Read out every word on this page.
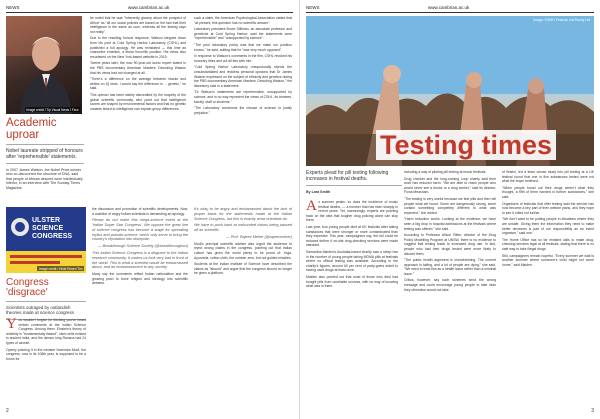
NEWS	www.cambrian.ac.uk
Image credit / Tip Visual News / Flow
Academic uproar

Nobel laureate stripped of honours after 'reprehensible' statements.

In 2007 James Watson, the Nobel Prize-winner who co-discovered the structure of DNA, said that people of African descent were intellectually inferior, in an interview with The Sunday Times Magazine.

he noted that he was "inherently gloomy about the prospect of Africa" as "all our social policies are based on the fact that their intelligence is the same as ours, whereas all the testing says not really".

Due to the resulting furious response, Watson stepped down from his post at Cold Spring Harbor Laboratory (CSHL) and published a full apology. He was reinstated — this time as chancellor emeritus, a titular honorific position. His views also resurfaced on the New York-based website in 2019.

Twelve years later, the now 90-year-old iconic expert stated in the PBS documentary American Masters: Decoding Watson that his views had not changed at all.

"There's a difference on the average between blacks and whites on IQ tests. I would say the difference is ... genetic," he said.

This opinion has been widely discredited by the majority of the global scientific community, who point out that intelligence scores are shaped by environmental factors and that no genetic variants linked to intelligence can explain group differences.

such a claim, the American Psychological Association stated that "at present, this question has no scientific answer".

Laboratory president Bruce Stillman, an associate professor and geneticist at Cold Spring Harbor, said the statements were "reprehensible" and "unsupported by science".

"The prior laboratory policy was that we make our position known," he said, adding that he "was very much opposed".

In response to Watson's comments in the film, CSHL revoked his honorary titles and cut all ties with him.

"Cold Spring Harbor Laboratory unequivocally rejects the unsubstantiated and reckless personal opinions that Dr James Watson expressed on the subject of ethnicity and genetics during the PBS documentary American Masters: Decoding Watson," the laboratory said in a statement.

"Dr Watson's statements are reprehensible, unsupported by science, and in no way represent the views of CSHL, its trustees, faculty, staff or students."

"The Laboratory condemns the misuse of science to justify prejudice."

ULSTER SCIENCE CONGRESS
Image credit / Hilde Rosen Tim
Congress 'disgrace'

Scientists outraged by outlandish theories made at science congress

You wouldn't forgive for thinking you've heard certain comments at the Indian Science Congress. Among them: Einstein's theory of relativity is "fundamentally flawed", stem cells existed in ancient India, and the demon king Ravana had 24 types of aircraft.

Openly pointing it in the minister Narendra Modi, the congress, now in its 106th year, is supposed to be a forum for

the discussion and promotion of scientific developments. Now, a coalition of angry Indian scientists is demanding an apology.

Please do not make this mega-science event at the 'Indian Super Star Congress'. We oppose the great line of science congress has become a stage for spreading myths and pseudo-science, which only serve to bring the country's reputation into disrepute.

— Breakthrough Science Society (@breakthroughsci)

This Indian Science Congress is a disgrace to the Indian research community. It makes us look very bad in front of the world. This is what a scientist would be embarrassed about, and an embarrassment to any society.

Many say the comments reflect Indian nationalism and the growing push to force religion and ideology into scientific debates.

It's okay to be angry and embarrassed about the lack of proper basis for the statements made at the Indian Science Congress, but this is exactly what scientists do.

We have to push back at unfounded claims being passed off as scientific.

— Prof. Rajeev Meher (@rajeevmeher)

Modi's principal scientific adviser also urged the audience to reject wrong claims in the congress, pointing out that Indian culture has given the world plenty to be proud of: Yoga, Ayurveda, cotton cloth, the number zero, but not guided missiles.

Students at the Indian Institute of Science have described the claims as "absurd" and argue that the congress should no longer be given a platform.

2
NEWS	www.cambrian.ac.uk
Image: FOMO Festival, via Sturdy Ltd
Testing times

Experts plead for pill testing following increases in festival deaths.

By Lara Smith

As summer peaks, so does the incidence of music festival deaths, — a number that has risen sharply in recent years. Yet, increasingly, experts are pushing back on the idea that tougher drug policing alone can stop them.

Last year, four young people died at UK festivals after taking substances that were stronger or more contaminated than they expected. This year, campaigners say, the toll could be reduced further if on-site drug-checking services were made standard.

Samantha Maiden's Australia-based charity saw a steep rise in the number of young people taking MDMA pills at festivals where no official testing was available. According to the charity's figures, around 60 per cent of party-goers admit to having used drugs at least once.

Maiden also pointed out that most of those who died had bought pills from unreliable sources, with no way of knowing what was in them.

including a way of piloting pill testing at music festivals.

Drug checker and the long-running Loop charity said their work has reduced harm. "We are able to reach people who would never see a doctor or a drug worker," said its director, Fiona Measham.

"The testing is very useful because we test pills and then tell people what we found. Some are dangerously strong, some contain something completely different to what was expected," she added.

"Harm reduction works. Looking at the evidence, we have seen a big drop in hospital admissions at the festivals where testing was offered," she said.

According to Professor Alison Ritter, director of the Drug Policy Modelling Program at UNSW, there is no evidence to suggest that testing leads to increased drug use. In fact, people who had their drugs tested were more likely to discard them.

"The public health argument is overwhelming. The current approach is failing, and a lot of people are dying," she said. "We need to treat this as a health issue rather than a criminal issue."

Critics, however, say such schemes send the wrong message and could encourage young people to take risks they otherwise would not take.

of Bristol, led a team whose study into pill testing at a UK festival found that one in five substances tested were not what the buyer believed.

"When people found out their drugs weren't what they thought, a fifth of them handed in further substances," she said.

Organisers of festivals that offer testing said the service has now become a key part of their welfare plans, and they hope to see it rolled out further.

"We don't want to be putting people in situations where they are unsafe. Giving them the information they need to make better decisions is part of our responsibility as an event organiser," said one.

The Home Office has so far resisted calls to make drug-checking services legal at all festivals, stating that there is no safe way to take illegal drugs.

Still, campaigners remain hopeful. "Every summer we wait is another summer where someone's child might not come home," said Maiden.

3
